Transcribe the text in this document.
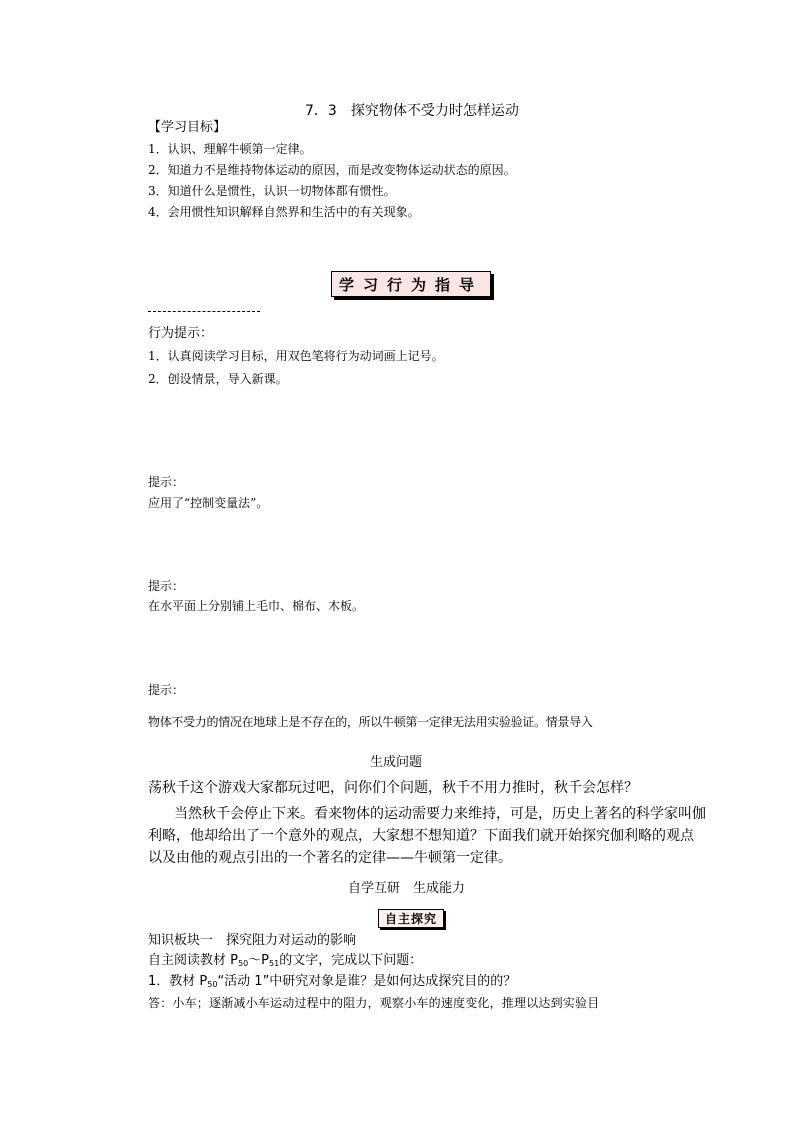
7．3　探究物体不受力时怎样运动
【学习目标】
1．认识、理解牛顿第一定律。
2．知道力不是维持物体运动的原因，而是改变物体运动状态的原因。
3．知道什么是惯性，认识一切物体都有惯性。
4．会用惯性知识解释自然界和生活中的有关现象。
学习行为指导
行为提示：
1．认真阅读学习目标，用双色笔将行为动词画上记号。
2．创设情景，导入新课。
提示：
应用了“控制变量法”。
提示：
在水平面上分别铺上毛巾、棉布、木板。
提示：
物体不受力的情况在地球上是不存在的，所以牛顿第一定律无法用实验验证。情景导入
生成问题
荡秋千这个游戏大家都玩过吧，问你们个问题，秋千不用力推时，秋千会怎样？
当然秋千会停止下来。看来物体的运动需要力来维持，可是，历史上著名的科学家叫伽
利略，他却给出了一个意外的观点，大家想不想知道？下面我们就开始探究伽利略的观点
以及由他的观点引出的一个著名的定律——牛顿第一定律。
自学互研　生成能力
自主探究
知识板块一　探究阻力对运动的影响
自主阅读教材 $P_{50}\sim P_{51}$的文字，完成以下问题：
1．教材 $P_{50}“$活动 1”中研究对象是谁？是如何达成探究目的的？
答：小车；逐渐减小车运动过程中的阻力，观察小车的速度变化，推理以达到实验目
